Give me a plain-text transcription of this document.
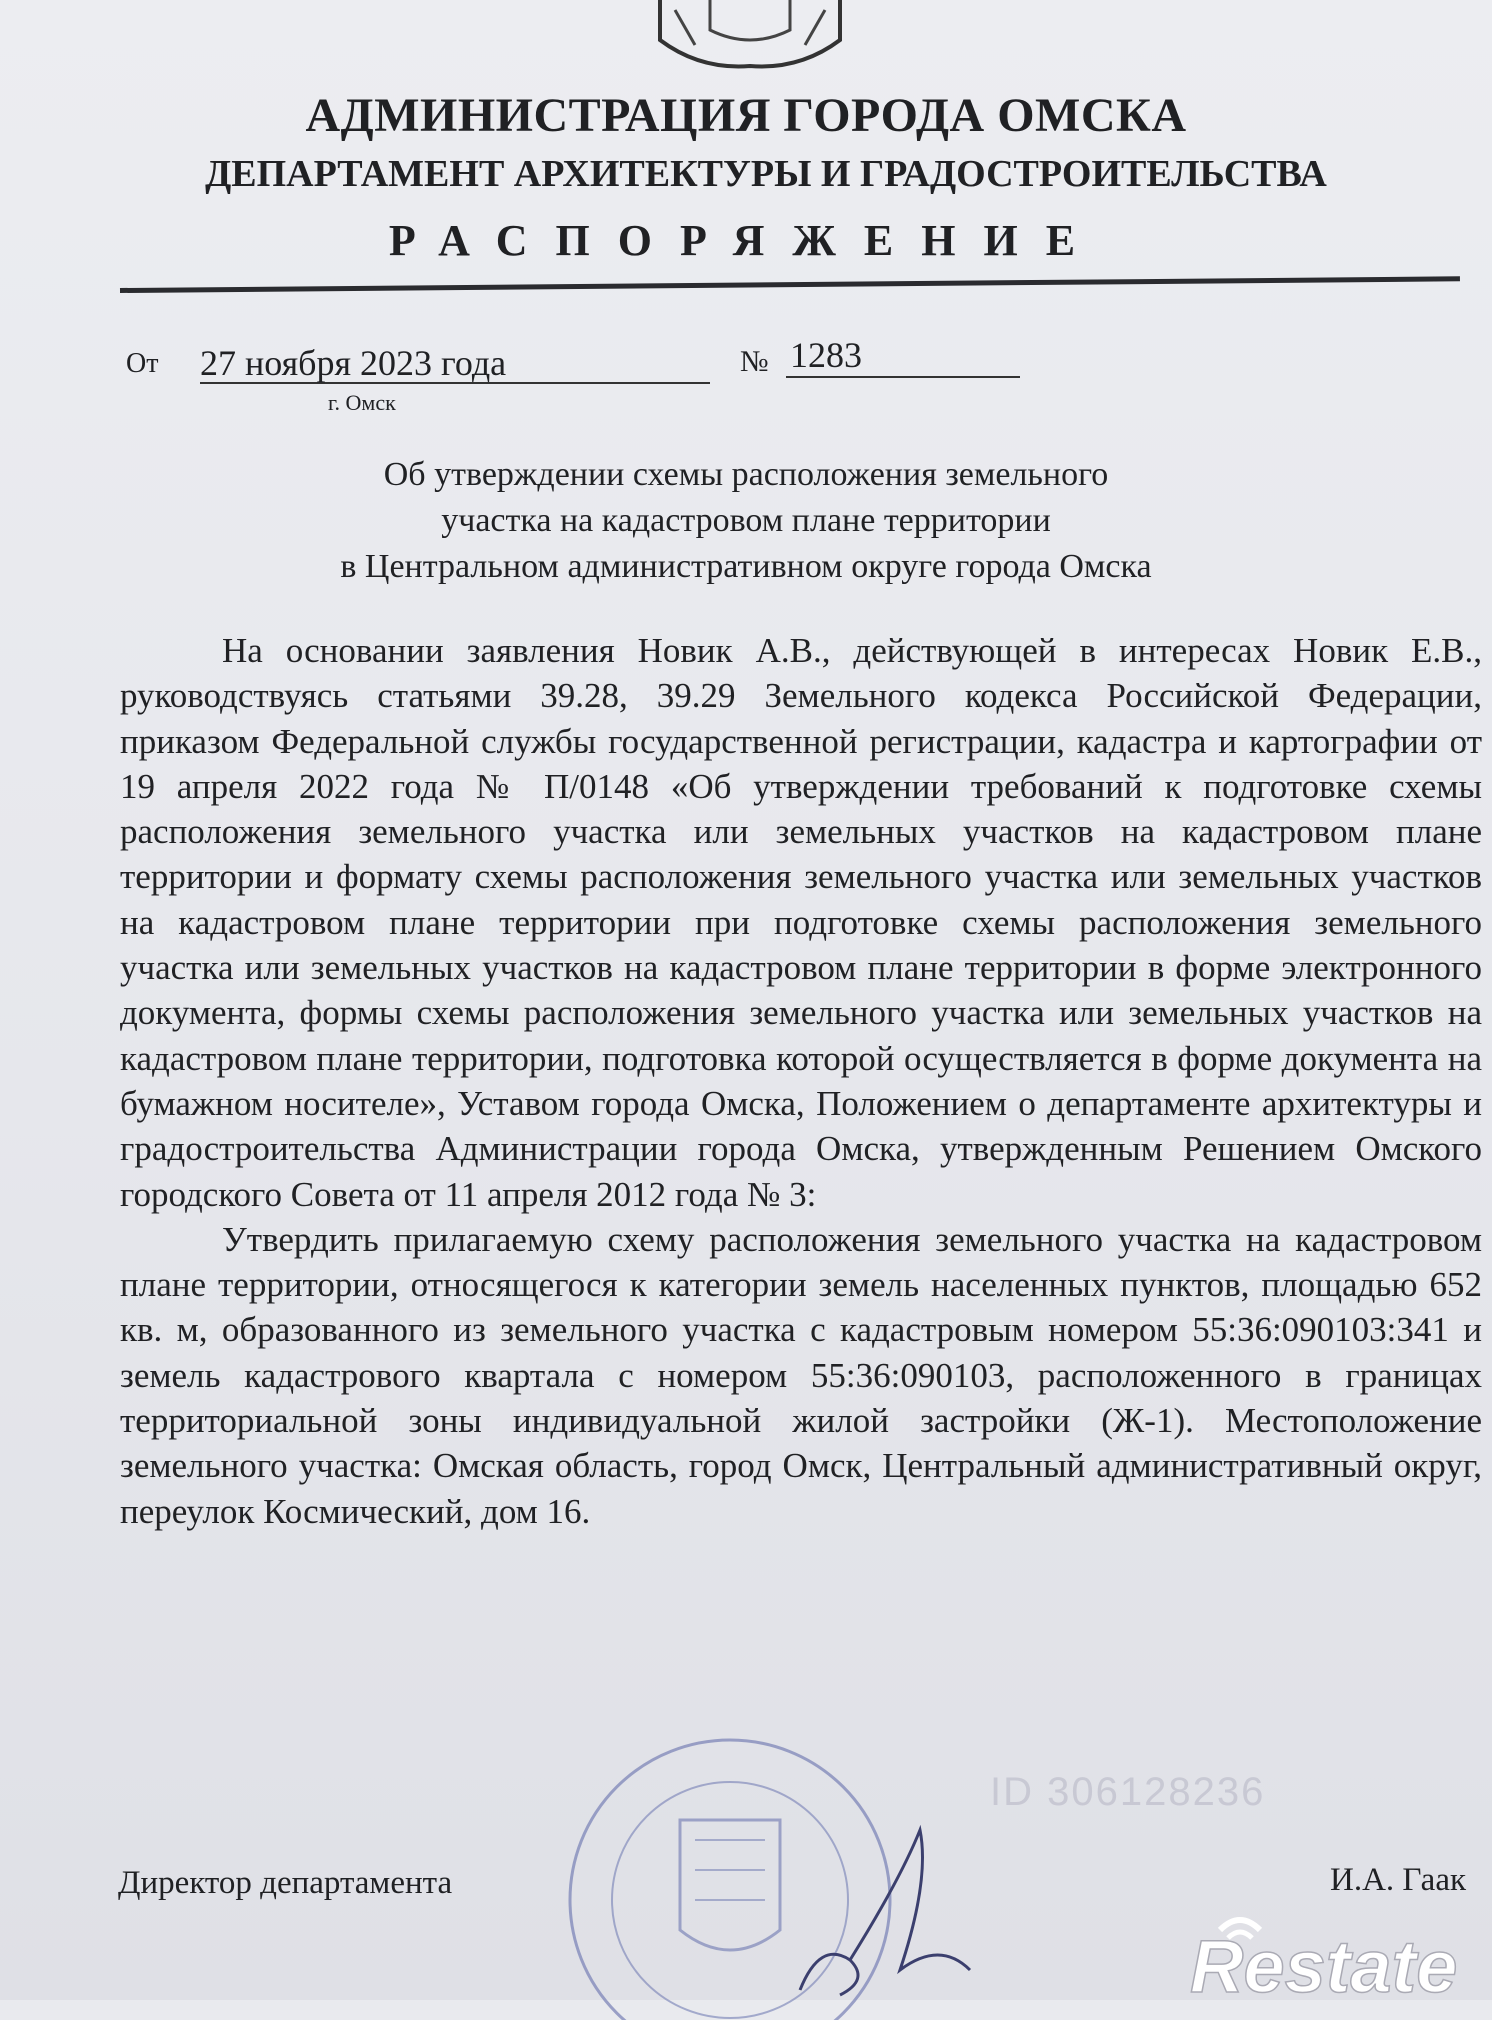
АДМИНИСТРАЦИЯ ГОРОДА ОМСКА
ДЕПАРТАМЕНТ АРХИТЕКТУРЫ И ГРАДОСТРОИТЕЛЬСТВА
РАСПОРЯЖЕНИЕ
От 27 ноября 2023 года	№ 1283
г. Омск
Об утверждении схемы расположения земельного
участка на кадастровом плане территории
в Центральном административном округе города Омска

На основании заявления Новик А.В., действующей в интересах Новик Е.В., руководствуясь статьями 39.28, 39.29 Земельного кодекса Российской Федерации, приказом Федеральной службы государственной регистрации, кадастра и картографии от 19 апреля 2022 года № П/0148 «Об утверждении требований к подготовке схемы расположения земельного участка или земельных участков на кадастровом плане территории и формату схемы расположения земельного участка или земельных участков на кадастровом плане территории при подготовке схемы расположения земельного участка или земельных участков на кадастровом плане территории в форме электронного документа, формы схемы расположения земельного участка или земельных участков на кадастровом плане территории, подготовка которой осуществляется в форме документа на бумажном носителе», Уставом города Омска, Положением о департаменте архитектуры и градостроительства Администрации города Омска, утвержденным Решением Омского городского Совета от 11 апреля 2012 года № 3:

Утвердить прилагаемую схему расположения земельного участка на кадастровом плане территории, относящегося к категории земель населенных пунктов, площадью 652 кв. м, образованного из земельного участка с кадастровым номером 55:36:090103:341 и земель кадастрового квартала с номером 55:36:090103, расположенного в границах территориальной зоны индивидуальной жилой застройки (Ж-1). Местоположение земельного участка: Омская область, город Омск, Центральный административный округ, переулок Космический, дом 16.

ID 306128236
Директор департамента	И.А. Гаак
Restate
